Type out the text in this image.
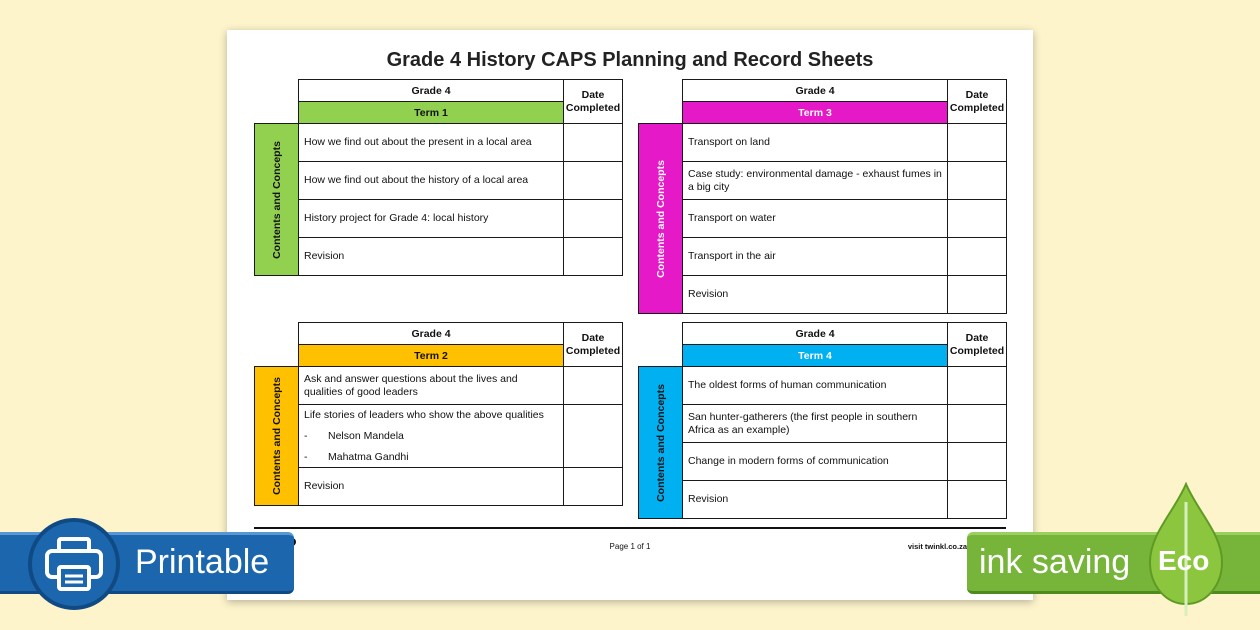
Grade 4 History CAPS Planning and Record Sheets
	Grade 4	Date
Completed
	Term 1	

Contents and Concepts	How we find out about the present in a local area	
	How we find out about the history of a local area	
	History project for Grade 4: local history	
	Revision	
	Grade 4	Date
Completed
	Term 3	

Contents and Concepts	Transport on land	
	Case study: environmental damage - exhaust fumes in a big city	
	Transport on water	
	Transport in the air	
	Revision	
	Grade 4	Date
Completed
	Term 2	

Contents and Concepts	Ask and answer questions about the lives and qualities of good leaders	

	Life stories of leaders who show the above qualities
- Nelson Mandela
- Mahatma Gandhi	

	Revision	
	Grade 4	Date
Completed
	Term 4	

Contents and Concepts	The oldest forms of human communication	
	San hunter-gatherers (the first people in southern Africa as an example)	
	Change in modern forms of communication	
	Revision	
Page 1 of 1	visit twinkl.co.za
Printable	ink saving Eco
